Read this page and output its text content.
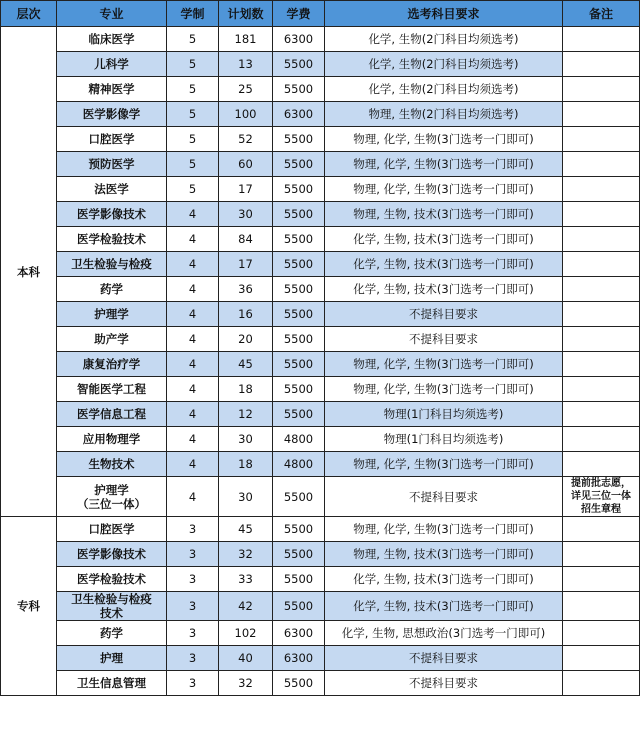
层次	专业	学制	计划数	学费	选考科目要求	备注
本科	临床医学	5	181	6300	化学, 生物(2门科目均须选考)	
	儿科学	5	13	5500	化学, 生物(2门科目均须选考)	
	精神医学	5	25	5500	化学, 生物(2门科目均须选考)	
	医学影像学	5	100	6300	物理, 生物(2门科目均须选考)	
	口腔医学	5	52	5500	物理, 化学, 生物(3门选考一门即可)	
	预防医学	5	60	5500	物理, 化学, 生物(3门选考一门即可)	
	法医学	5	17	5500	物理, 化学, 生物(3门选考一门即可)	
	医学影像技术	4	30	5500	物理, 生物, 技术(3门选考一门即可)	
	医学检验技术	4	84	5500	化学, 生物, 技术(3门选考一门即可)	
	卫生检验与检疫	4	17	5500	化学, 生物, 技术(3门选考一门即可)	
	药学	4	36	5500	化学, 生物, 技术(3门选考一门即可)	
	护理学	4	16	5500	不提科目要求	
	助产学	4	20	5500	不提科目要求	
	康复治疗学	4	45	5500	物理, 化学, 生物(3门选考一门即可)	
	智能医学工程	4	18	5500	物理, 化学, 生物(3门选考一门即可)	
	医学信息工程	4	12	5500	物理(1门科目均须选考)	
	应用物理学	4	30	4800	物理(1门科目均须选考)	
	生物技术	4	18	4800	物理, 化学, 生物(3门选考一门即可)	
	护理学
（三位一体）	4	30	5500	不提科目要求	提前批志愿，
详见三位一体
招生章程
专科	口腔医学	3	45	5500	物理, 化学, 生物(3门选考一门即可)	
	医学影像技术	3	32	5500	物理, 生物, 技术(3门选考一门即可)	
	医学检验技术	3	33	5500	化学, 生物, 技术(3门选考一门即可)	
	卫生检验与检疫
技术	3	42	5500	化学, 生物, 技术(3门选考一门即可)	
	药学	3	102	6300	化学, 生物, 思想政治(3门选考一门即可)	
	护理	3	40	6300	不提科目要求	
	卫生信息管理	3	32	5500	不提科目要求	
